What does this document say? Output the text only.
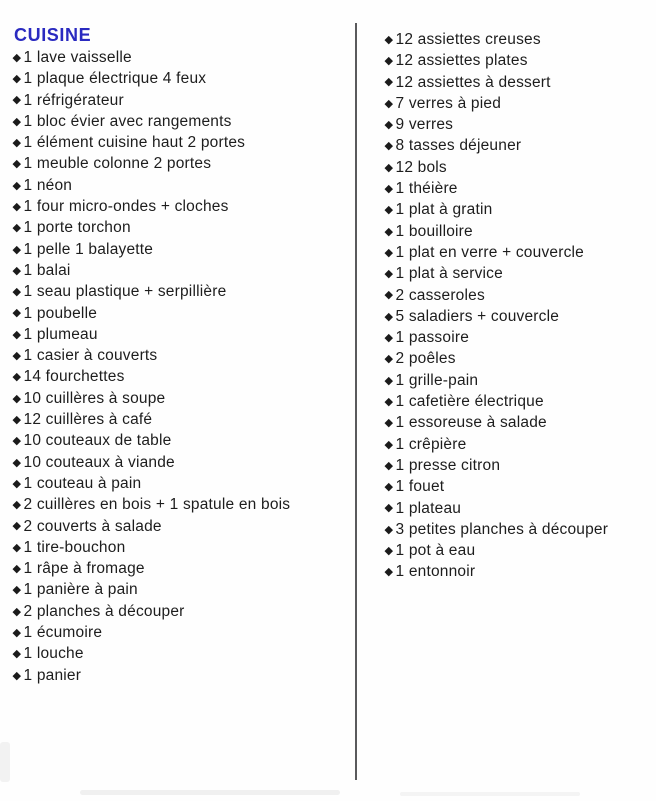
CUISINE
1 lave vaisselle
1 plaque électrique 4 feux
1 réfrigérateur
1 bloc évier avec rangements
1 élément cuisine haut 2 portes
1 meuble colonne 2 portes
1 néon
1 four micro-ondes + cloches
1 porte torchon
1 pelle 1 balayette
1 balai
1 seau plastique + serpillière
1 poubelle
1 plumeau
1 casier à couverts
14 fourchettes
10 cuillères à soupe
12 cuillères à café
10 couteaux de table
10 couteaux à viande
1 couteau à pain
2 cuillères en bois + 1 spatule en bois
2 couverts à salade
1 tire-bouchon
1 râpe à fromage
1 panière à pain
2 planches à découper
1 écumoire
1 louche
1 panier
12 assiettes creuses
12 assiettes plates
12 assiettes à dessert
7 verres à pied
9 verres
8 tasses déjeuner
12 bols
1 théière
1 plat à gratin
1 bouilloire
1 plat en verre + couvercle
1 plat à service
2 casseroles
5 saladiers + couvercle
1 passoire
2 poêles
1 grille-pain
1 cafetière électrique
1 essoreuse à salade
1 crêpière
1 presse citron
1 fouet
1 plateau
3 petites planches à découper
1 pot à eau
1 entonnoir
